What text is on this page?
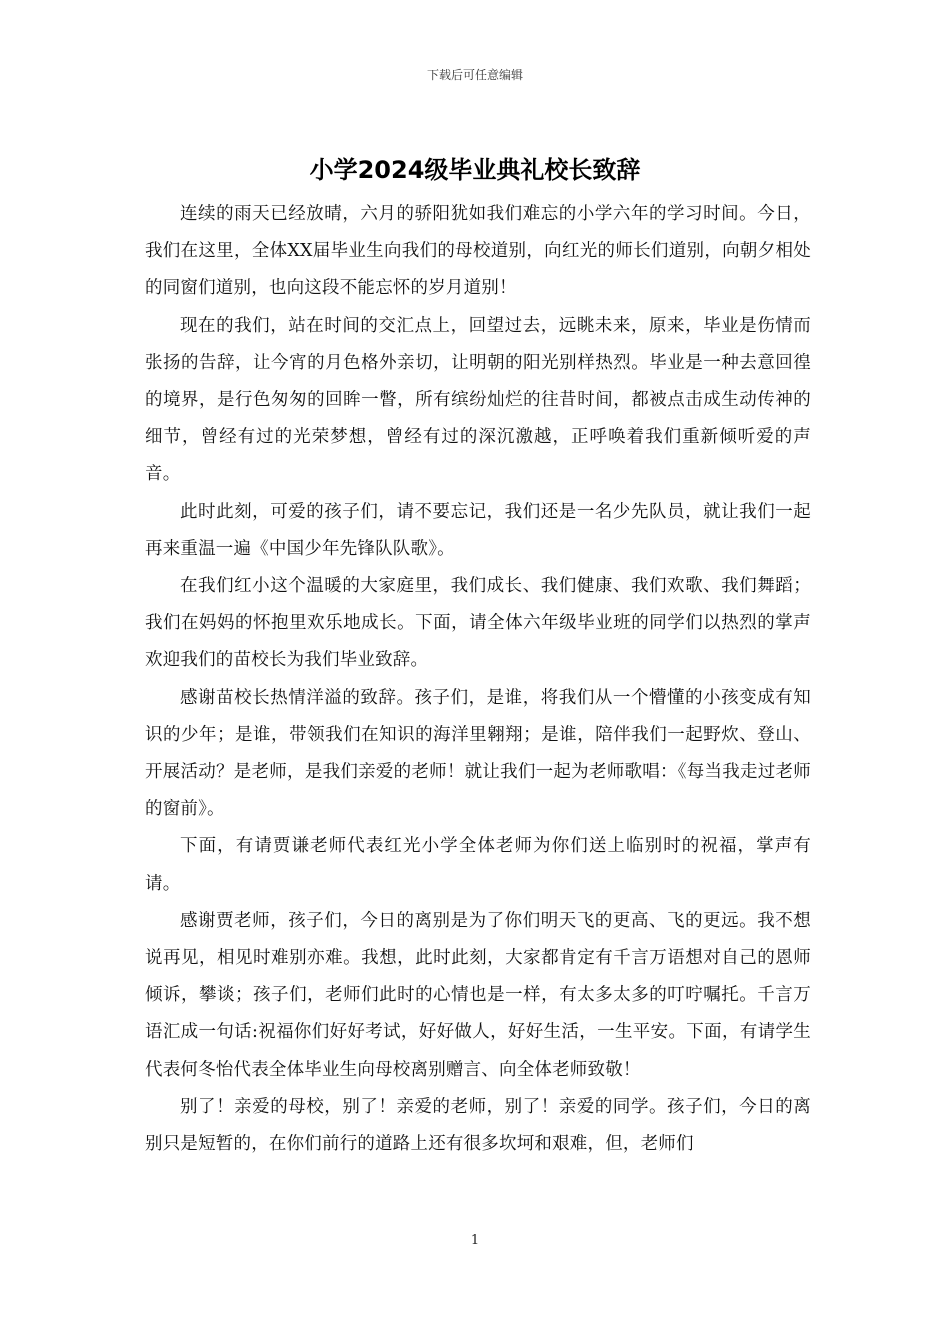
下载后可任意编辑
小学2024级毕业典礼校长致辞

连续的雨天已经放晴，六月的骄阳犹如我们难忘的小学六年的学习时间。今日，我们在这里，全体XX届毕业生向我们的母校道别，向红光的师长们道别，向朝夕相处的同窗们道别，也向这段不能忘怀的岁月道别！

现在的我们，站在时间的交汇点上，回望过去，远眺未来，原来，毕业是伤情而张扬的告辞，让今宵的月色格外亲切，让明朝的阳光别样热烈。毕业是一种去意回徨的境界，是行色匆匆的回眸一瞥，所有缤纷灿烂的往昔时间，都被点击成生动传神的细节，曾经有过的光荣梦想，曾经有过的深沉激越，正呼唤着我们重新倾听爱的声音。

此时此刻，可爱的孩子们，请不要忘记，我们还是一名少先队员，就让我们一起再来重温一遍《中国少年先锋队队歌》。

在我们红小这个温暖的大家庭里，我们成长、我们健康、我们欢歌、我们舞蹈；我们在妈妈的怀抱里欢乐地成长。下面，请全体六年级毕业班的同学们以热烈的掌声欢迎我们的苗校长为我们毕业致辞。

感谢苗校长热情洋溢的致辞。孩子们，是谁，将我们从一个懵懂的小孩变成有知识的少年；是谁，带领我们在知识的海洋里翱翔；是谁，陪伴我们一起野炊、登山、开展活动？是老师，是我们亲爱的老师！就让我们一起为老师歌唱：《每当我走过老师的窗前》。

下面，有请贾谦老师代表红光小学全体老师为你们送上临别时的祝福，掌声有请。

感谢贾老师，孩子们，今日的离别是为了你们明天飞的更高、飞的更远。我不想说再见，相见时难别亦难。我想，此时此刻，大家都肯定有千言万语想对自己的恩师倾诉，攀谈；孩子们，老师们此时的心情也是一样，有太多太多的叮咛嘱托。千言万语汇成一句话:祝福你们好好考试，好好做人，好好生活，一生平安。下面，有请学生代表何冬怡代表全体毕业生向母校离别赠言、向全体老师致敬！

别了！亲爱的母校，别了！亲爱的老师，别了！亲爱的同学。孩子们，今日的离别只是短暂的，在你们前行的道路上还有很多坎坷和艰难，但，老师们

1
